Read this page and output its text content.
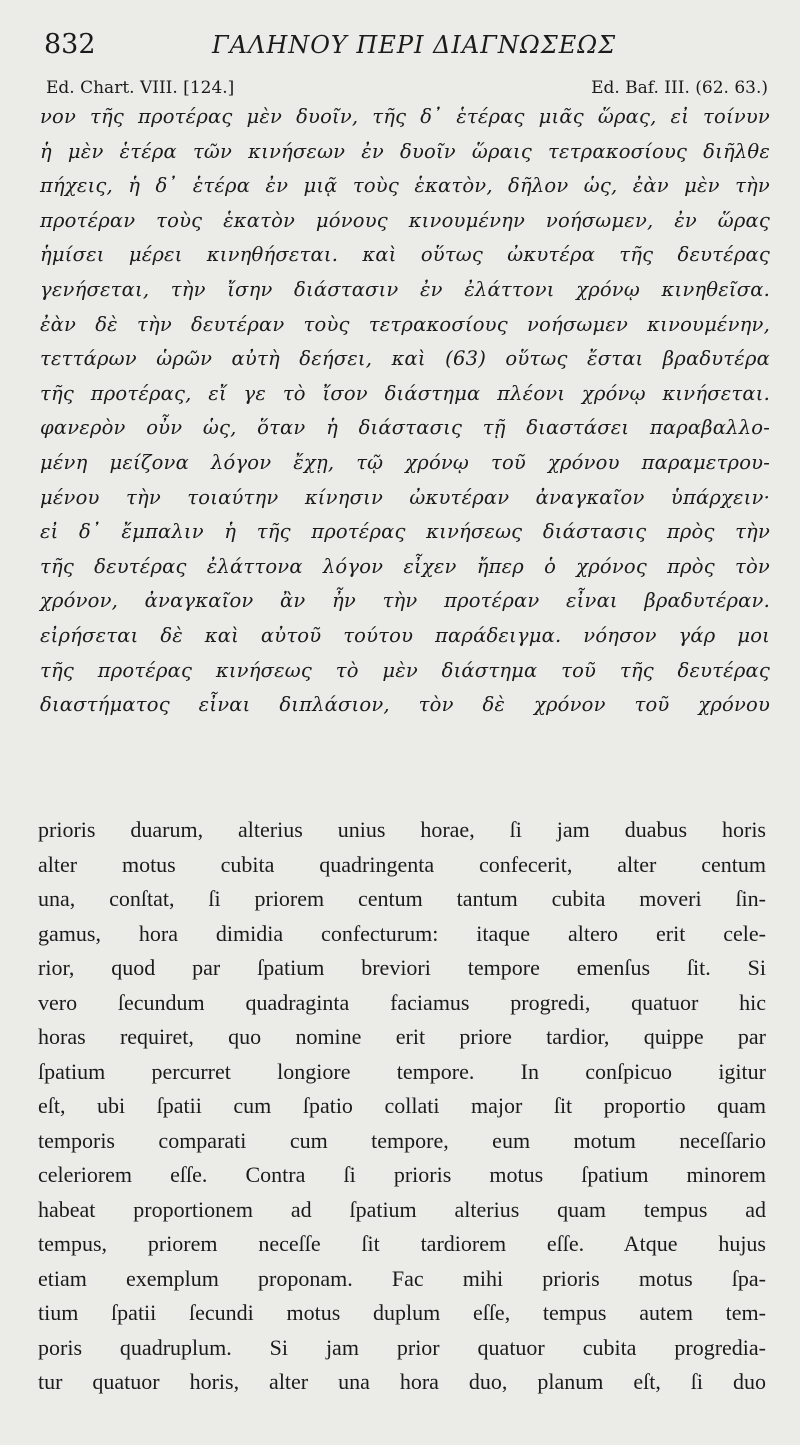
832	ΓΑΛΗΝΟΥ ΠΕΡΙ ΔΙΑΓΝΩΣΕΩΣ
Ed. Chart. VIII. [124.]	Ed. Baf. III. (62. 63.)
νον τῆς προτέρας μὲν δυοῖν, τῆς δ᾽ ἑτέρας μιᾶς ὥρας, εἰ τοίνυν
ἡ μὲν ἑτέρα τῶν κινήσεων ἐν δυοῖν ὥραις τετρακοσίους διῆλθε
πήχεις, ἡ δ᾽ ἑτέρα ἐν μιᾷ τοὺς ἑκατὸν, δῆλον ὡς, ἐὰν μὲν τὴν
προτέραν τοὺς ἑκατὸν μόνους κινουμένην νοήσωμεν, ἐν ὥρας
ἡμίσει μέρει κινηθήσεται. καὶ οὕτως ὠκυτέρα τῆς δευτέρας
γενήσεται, τὴν ἴσην διάστασιν ἐν ἐλάττονι χρόνῳ κινηθεῖσα.
ἐὰν δὲ τὴν δευτέραν τοὺς τετρακοσίους νοήσωμεν κινουμένην,
τεττάρων ὡρῶν αὐτὴ δεήσει, καὶ (63) οὕτως ἔσται βραδυτέρα
τῆς προτέρας, εἴ γε τὸ ἴσον διάστημα πλέονι χρόνῳ κινήσεται.
φανερὸν οὖν ὡς, ὅταν ἡ διάστασις τῇ διαστάσει παραβαλλο-
μένη μείζονα λόγον ἔχῃ, τῷ χρόνῳ τοῦ χρόνου παραμετρου-
μένου τὴν τοιαύτην κίνησιν ὠκυτέραν ἀναγκαῖον ὑπάρχειν·
εἰ δ᾽ ἔμπαλιν ἡ τῆς προτέρας κινήσεως διάστασις πρὸς τὴν
τῆς δευτέρας ἐλάττονα λόγον εἶχεν ἤπερ ὁ χρόνος πρὸς τὸν
χρόνον, ἀναγκαῖον ἂν ἦν τὴν προτέραν εἶναι βραδυτέραν.
εἰρήσεται δὲ καὶ αὐτοῦ τούτου παράδειγμα. νόησον γάρ μοι
τῆς προτέρας κινήσεως τὸ μὲν διάστημα τοῦ τῆς δευτέρας
διαστήματος εἶναι διπλάσιον, τὸν δὲ χρόνον τοῦ χρόνου
prioris duarum, alterius unius horae, ſi jam duabus horis
alter motus cubita quadringenta confecerit, alter centum
una, conſtat, ſi priorem centum tantum cubita moveri ſin-
gamus, hora dimidia confecturum: itaque altero erit cele-
rior, quod par ſpatium breviori tempore emenſus ſit. Si
vero ſecundum quadraginta faciamus progredi, quatuor hic
horas requiret, quo nomine erit priore tardior, quippe par
ſpatium percurret longiore tempore. In conſpicuo igitur
eſt, ubi ſpatii cum ſpatio collati major ſit proportio quam
temporis comparati cum tempore, eum motum neceſſario
celeriorem eſſe. Contra ſi prioris motus ſpatium minorem
habeat proportionem ad ſpatium alterius quam tempus ad
tempus, priorem neceſſe ſit tardiorem eſſe. Atque hujus
etiam exemplum proponam. Fac mihi prioris motus ſpa-
tium ſpatii ſecundi motus duplum eſſe, tempus autem tem-
poris quadruplum. Si jam prior quatuor cubita progredia-
tur quatuor horis, alter una hora duo, planum eſt, ſi duo
